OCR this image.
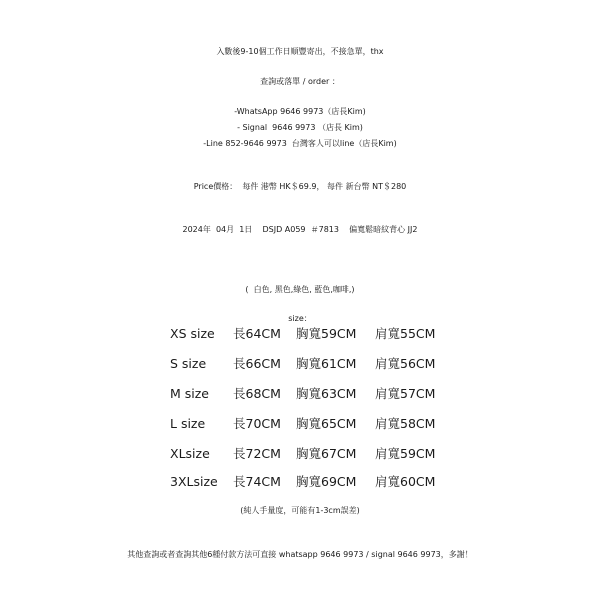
入數後9-10個工作日順豐寄出，不接急單，thx
查詢或落單 / order ：
-WhatsApp 9646 9973（店長Kim)
- Signal  9646 9973 （店長 Kim)
-Line 852-9646 9973  台灣客人可以line（店長Kim)
Price價格：  每件 港幣 HK＄69.9， 每件 新台幣 NT＄280
2024年  04月  1日    DSJD A059  ＃7813    偏寬鬆暗紋背心 JJ2
(  白色, 黑色,綠色, 藍色,咖啡,)
size：

XS size

長64CM

胸寬59CM

肩寬55CM

S size

長66CM

胸寬61CM

肩寬56CM

M size

長68CM

胸寬63CM

肩寬57CM

L size

長70CM

胸寬65CM

肩寬58CM

XLsize

長72CM

胸寬67CM

肩寬59CM

3XLsize

長74CM

胸寬69CM

肩寬60CM

(純人手量度，可能有1-3cm誤差)
其他查詢或者查詢其他6種付款方法可直接 whatsapp 9646 9973 / signal 9646 9973，多謝！
